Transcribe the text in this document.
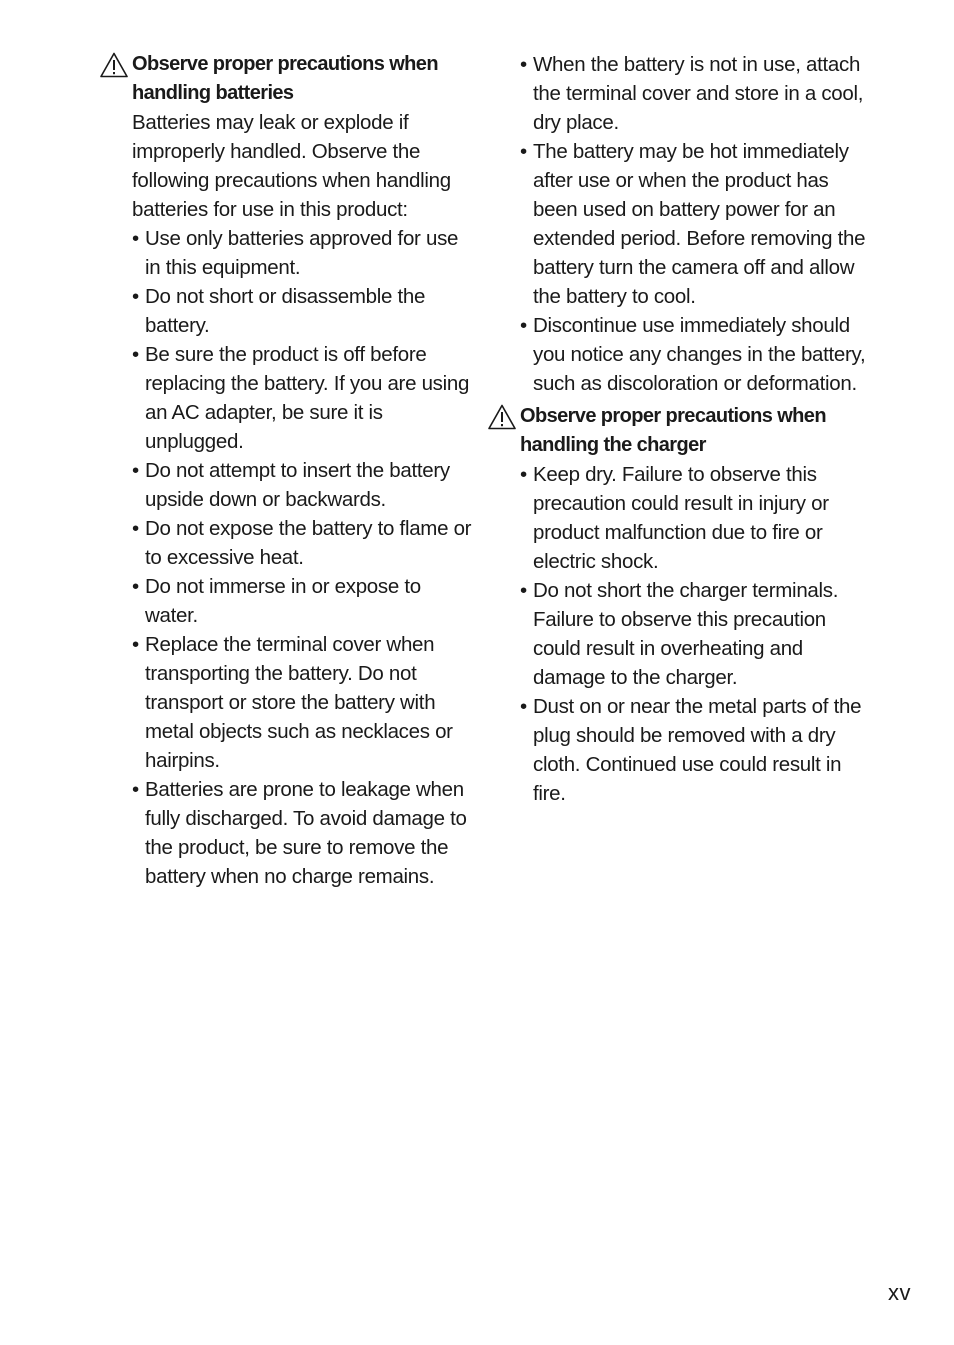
Observe proper precautions when handling batteries
Batteries may leak or explode if improperly handled. Observe the following precautions when handling batteries for use in this product:
• Use only batteries approved for use in this equipment.
• Do not short or disassemble the battery.
• Be sure the product is off before replacing the battery. If you are using an AC adapter, be sure it is unplugged.
• Do not attempt to insert the battery upside down or backwards.
• Do not expose the battery to flame or to excessive heat.
• Do not immerse in or expose to water.
• Replace the terminal cover when transporting the battery. Do not transport or store the battery with metal objects such as necklaces or hairpins.
• Batteries are prone to leakage when fully discharged. To avoid damage to the product, be sure to remove the battery when no charge remains.
• When the battery is not in use, attach the terminal cover and store in a cool, dry place.
• The battery may be hot immediately after use or when the product has been used on battery power for an extended period. Before removing the battery turn the camera off and allow the battery to cool.
• Discontinue use immediately should you notice any changes in the battery, such as discoloration or deformation.
Observe proper precautions when handling the charger
• Keep dry. Failure to observe this precaution could result in injury or product malfunction due to fire or electric shock.
• Do not short the charger terminals. Failure to observe this precaution could result in overheating and damage to the charger.
• Dust on or near the metal parts of the plug should be removed with a dry cloth. Continued use could result in fire.
xv
